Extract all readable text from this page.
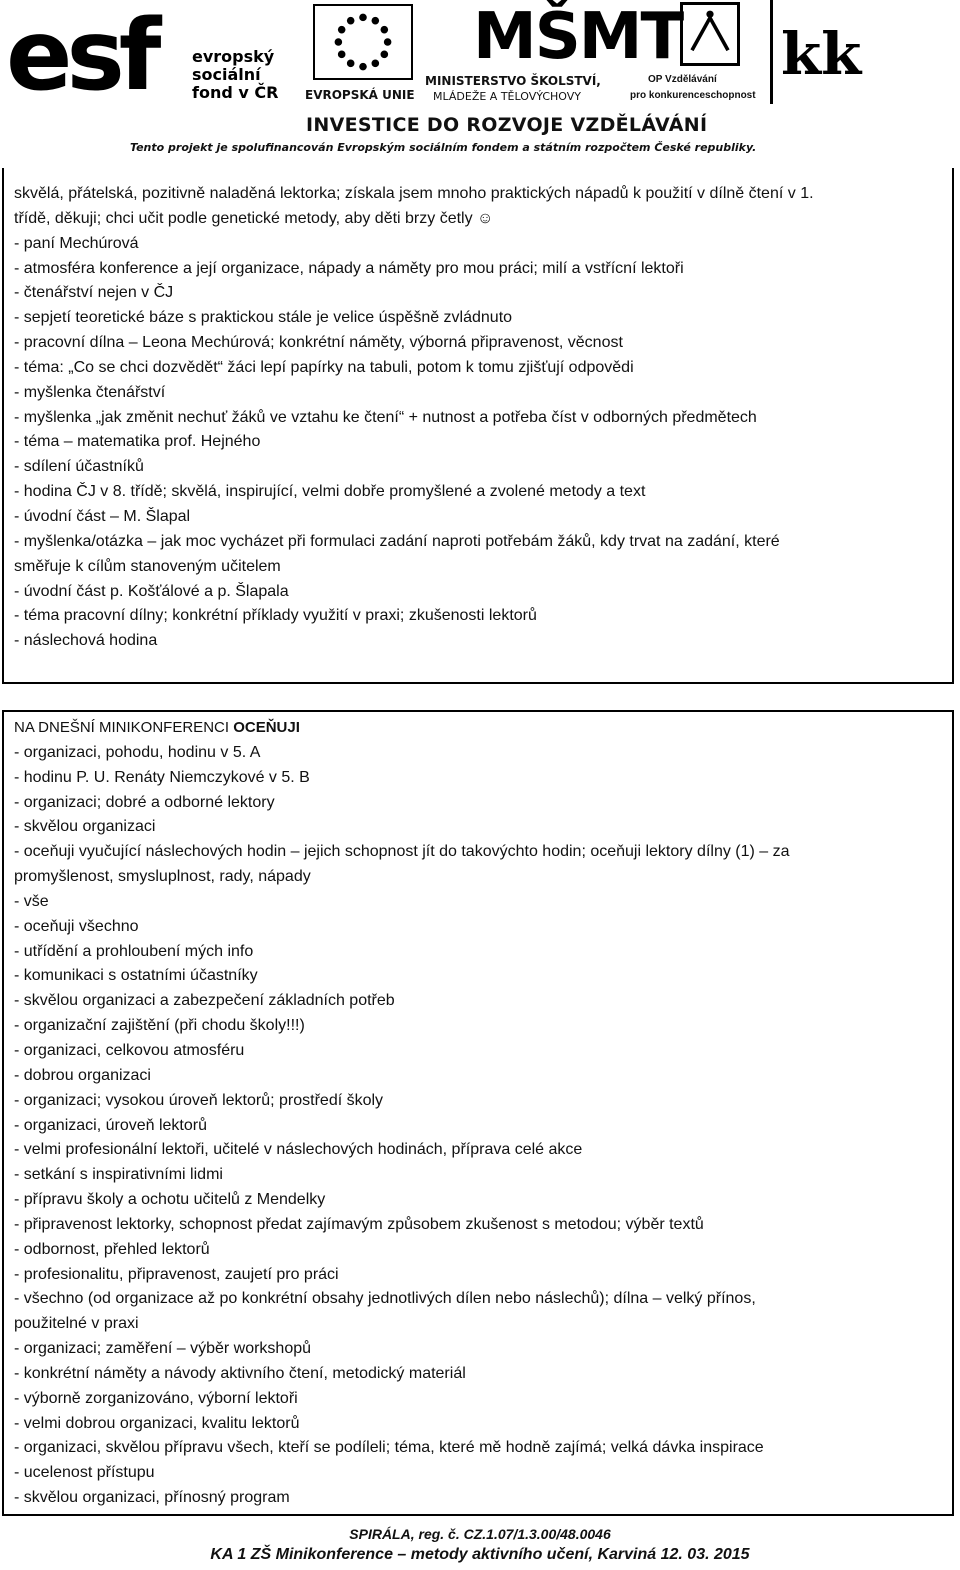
esf evropský
sociální
fond v ČR EVROPSKÁ UNIE
MŠMT
MINISTERSTVO ŠKOLSTVÍ,
MLÁDEŽE A TĚLOVÝCHOVY
OP Vzdělávání
pro konkurenceschopnost
kk
INVESTICE DO ROZVOJE VZDĚLÁVÁNÍ
Tento projekt je spolufinancován Evropským sociálním fondem a státním rozpočtem České republiky.
skvělá, přátelská, pozitivně naladěná lektorka; získala jsem mnoho praktických nápadů k použití v dílně čtení v 1.
třídě, děkuji; chci učit podle genetické metody, aby děti brzy četly ☺
- paní Mechúrová
- atmosféra konference a její organizace, nápady a náměty pro mou práci; milí a vstřícní lektoři
- čtenářství nejen v ČJ
- sepjetí teoretické báze s praktickou stále je velice úspěšně zvládnuto
- pracovní dílna – Leona Mechúrová; konkrétní náměty, výborná připravenost, věcnost
- téma: „Co se chci dozvědět“ žáci lepí papírky na tabuli, potom k tomu zjišťují odpovědi
- myšlenka čtenářství
- myšlenka „jak změnit nechuť žáků ve vztahu ke čtení“ + nutnost a potřeba číst v odborných předmětech
- téma – matematika prof. Hejného
- sdílení účastníků
- hodina ČJ v 8. třídě; skvělá, inspirující, velmi dobře promyšlené a zvolené metody a text
- úvodní část – M. Šlapal
- myšlenka/otázka – jak moc vycházet při formulaci zadání naproti potřebám žáků, kdy trvat na zadání, které
směřuje k cílům stanoveným učitelem
- úvodní část p. Košťálové a p. Šlapala
- téma pracovní dílny; konkrétní příklady využití v praxi; zkušenosti lektorů
- náslechová hodina
NA DNEŠNÍ MINIKONFERENCI OCEŇUJI
- organizaci, pohodu, hodinu v 5. A
- hodinu P. U. Renáty Niemczykové v 5. B
- organizaci; dobré a odborné lektory
- skvělou organizaci
- oceňuji vyučující náslechových hodin – jejich schopnost jít do takovýchto hodin; oceňuji lektory dílny (1) – za
promyšlenost, smysluplnost, rady, nápady
- vše
- oceňuji všechno
- utřídění a prohloubení mých info
- komunikaci s ostatními účastníky
- skvělou organizaci a zabezpečení základních potřeb
- organizační zajištění (při chodu školy!!!)
- organizaci, celkovou atmosféru
- dobrou organizaci
- organizaci; vysokou úroveň lektorů; prostředí školy
- organizaci, úroveň lektorů
- velmi profesionální lektoři, učitelé v náslechových hodinách, příprava celé akce
- setkání s inspirativními lidmi
- přípravu školy a ochotu učitelů z Mendelky
- připravenost lektorky, schopnost předat zajímavým způsobem zkušenost s metodou; výběr textů
- odbornost, přehled lektorů
- profesionalitu, připravenost, zaujetí pro práci
- všechno (od organizace až po konkrétní obsahy jednotlivých dílen nebo náslechů); dílna – velký přínos,
použitelné v praxi
- organizaci; zaměření – výběr workshopů
- konkrétní náměty a návody aktivního čtení, metodický materiál
- výborně zorganizováno, výborní lektoři
- velmi dobrou organizaci, kvalitu lektorů
- organizaci, skvělou přípravu všech, kteří se podíleli; téma, které mě hodně zajímá; velká dávka inspirace
- ucelenost přístupu
- skvělou organizaci, přínosný program
SPIRÁLA, reg. č. CZ.1.07/1.3.00/48.0046
KA 1 ZŠ Minikonference – metody aktivního učení, Karviná 12. 03. 2015
